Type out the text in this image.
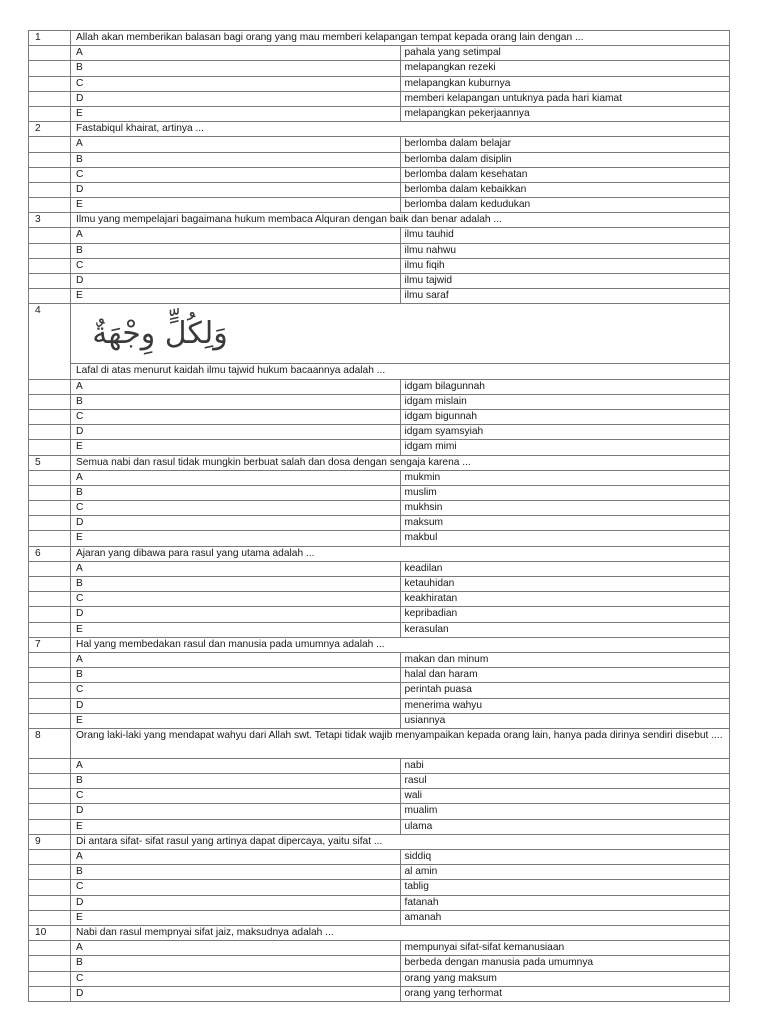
1	Allah akan memberikan balasan bagi orang yang mau memberi kelapangan tempat kepada orang lain dengan ...	
	A	pahala yang setimpal
	B	melapangkan rezeki
	C	melapangkan kuburnya
	D	memberi kelapangan untuknya pada hari kiamat
	E	melapangkan pekerjaannya
2	Fastabiqul khairat, artinya ...	
	A	berlomba dalam belajar
	B	berlomba dalam disiplin
	C	berlomba dalam kesehatan
	D	berlomba dalam kebaikkan
	E	berlomba dalam kedudukan
3	Ilmu yang mempelajari bagaimana hukum membaca Alquran dengan baik dan benar adalah ...	
	A	ilmu tauhid
	B	ilmu nahwu
	C	ilmu fiqih
	D	ilmu tajwid
	E	ilmu saraf
4	وَلِكُلٍّ وِجْهَةٌ	

	Lafal di atas menurut kaidah ilmu tajwid hukum bacaannya adalah ...	
	A	idgam bilagunnah
	B	idgam mislain
	C	idgam bigunnah
	D	idgam syamsyiah
	E	idgam mimi
5	Semua nabi dan rasul tidak mungkin berbuat salah dan dosa dengan sengaja karena ...	
	A	mukmin
	B	muslim
	C	mukhsin
	D	maksum
	E	makbul
6	Ajaran yang dibawa para rasul yang utama adalah ...	
	A	keadilan
	B	ketauhidan
	C	keakhiratan
	D	kepribadian
	E	kerasulan
7	Hal yang membedakan rasul dan manusia pada umumnya adalah ...	
	A	makan dan minum
	B	halal dan haram
	C	perintah puasa
	D	menerima wahyu
	E	usiannya
8	Orang laki-laki yang mendapat wahyu dari Allah swt. Tetapi tidak wajib menyampaikan kepada orang lain, hanya pada dirinya sendiri disebut ....	
	A	nabi
	B	rasul
	C	wali
	D	mualim
	E	ulama
9	Di antara sifat- sifat rasul yang artinya dapat dipercaya, yaitu sifat ...	
	A	siddiq
	B	al amin
	C	tablig
	D	fatanah
	E	amanah
10	Nabi dan rasul mempnyai sifat jaiz, maksudnya adalah ...	
	A	mempunyai sifat-sifat kemanusiaan
	B	berbeda dengan manusia pada umumnya
	C	orang yang maksum
	D	orang yang terhormat
